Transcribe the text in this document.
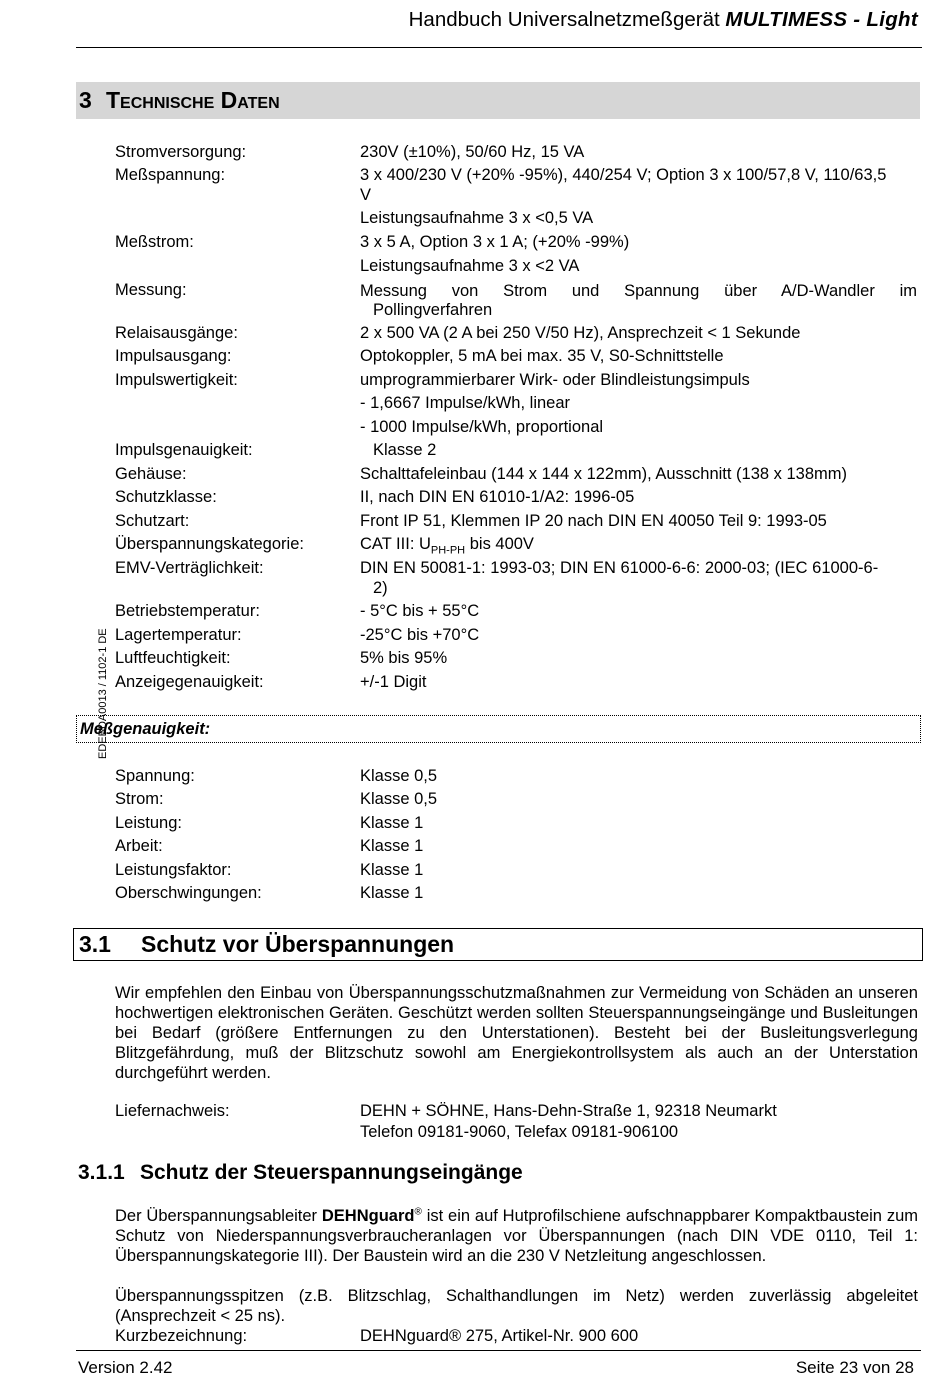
Handbuch Universalnetzmeßgerät MULTIMESS - Light
3 Technische Daten
Stromversorgung:	230V (±10%), 50/60 Hz, 15 VA
Meßspannung:	3 x 400/230 V (+20% -95%), 440/254 V; Option 3 x 100/57,8 V, 110/63,5
V
Leistungsaufnahme 3 x <0,5 VA
Meßstrom:	3 x 5 A, Option 3 x 1 A; (+20% -99%)
Leistungsaufnahme 3 x <2 VA
Messung:	Messung von Strom und Spannung über A/D-Wandler im
Pollingverfahren
Relaisausgänge:	2 x 500 VA (2 A bei 250 V/50 Hz), Ansprechzeit < 1 Sekunde
Impulsausgang:	Optokoppler, 5 mA bei max. 35 V, S0-Schnittstelle
Impulswertigkeit:	umprogrammierbarer Wirk- oder Blindleistungsimpuls
- 1,6667 Impulse/kWh, linear
- 1000 Impulse/kWh, proportional
Impulsgenauigkeit:	Klasse 2
Gehäuse:	Schalttafeleinbau (144 x 144 x 122mm), Ausschnitt (138 x 138mm)
Schutzklasse:	II, nach DIN EN 61010-1/A2: 1996-05
Schutzart:	Front IP 51, Klemmen IP 20 nach DIN EN 40050 Teil 9: 1993-05
Überspannungskategorie:	CAT III: $U_{PH-PH}$ bis 400V
EMV-Verträglichkeit:	DIN EN 50081-1: 1993-03; DIN EN 61000-6-6: 2000-03; (IEC 61000-6-
2)
Betriebstemperatur:	- 5°C bis + 55°C
Lagertemperatur:	-25°C bis +70°C
Luftfeuchtigkeit:	5% bis 95%
Anzeigegenauigkeit:	+/-1 Digit
EDEBDA0013 / 1102-1 DE
Meßgenauigkeit:
Spannung:	Klasse 0,5
Strom:	Klasse 0,5
Leistung:	Klasse 1
Arbeit:	Klasse 1
Leistungsfaktor:	Klasse 1
Oberschwingungen:	Klasse 1
3.1 Schutz vor Überspannungen
Wir empfehlen den Einbau von Überspannungsschutzmaßnahmen zur Vermeidung von Schäden an unseren hochwertigen elektronischen Geräten. Geschützt werden sollten Steuerspannungseingänge und Busleitungen bei Bedarf (größere Entfernungen zu den Unterstationen). Besteht bei der Busleitungsverlegung Blitzgefährdung, muß der Blitzschutz sowohl am Energiekontrollsystem als auch an der Unterstation durchgeführt werden.
Liefernachweis:	DEHN + SÖHNE, Hans-Dehn-Straße 1, 92318 Neumarkt
Telefon 09181-9060, Telefax 09181-906100
3.1.1 Schutz der Steuerspannungseingänge
Der Überspannungsableiter DEHNguard® ist ein auf Hutprofilschiene aufschnappbarer Kompaktbaustein zum Schutz von Niederspannungsverbraucheranlagen vor Überspannungen (nach DIN VDE 0110, Teil 1: Überspannungskategorie III). Der Baustein wird an die 230 V Netzleitung angeschlossen.
Überspannungsspitzen (z.B. Blitzschlag, Schalthandlungen im Netz) werden zuverlässig abgeleitet (Ansprechzeit < 25 ns).
Kurzbezeichnung:	DEHNguard® 275, Artikel-Nr. 900 600
Version 2.42	Seite 23 von 28
